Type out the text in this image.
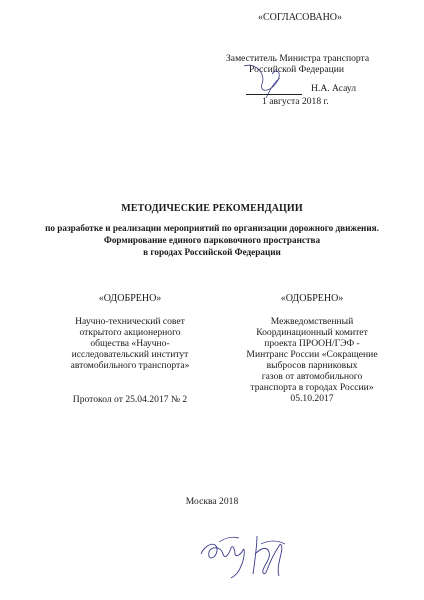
«СОГЛАСОВАНО»
Заместитель Министра транспорта
Российской Федерации
Н.А. Асаул
1 августа 2018 г.
МЕТОДИЧЕСКИЕ РЕКОМЕНДАЦИИ
по разработке и реализации мероприятий по организации дорожного движения.
Формирование единого парковочного пространства
в городах Российской Федерации
«ОДОБРЕНО»
Научно-технический совет
открытого акционерного
общества «Научно-
исследовательский институт
автомобильного транспорта»
Протокол от 25.04.2017 № 2
«ОДОБРЕНО»
Межведомственный
Координационный комитет
проекта ПРООН/ГЭФ -
Минтранс России «Сокращение
выбросов парниковых
газов от автомобильного
транспорта в городах России»
05.10.2017
Москва 2018
